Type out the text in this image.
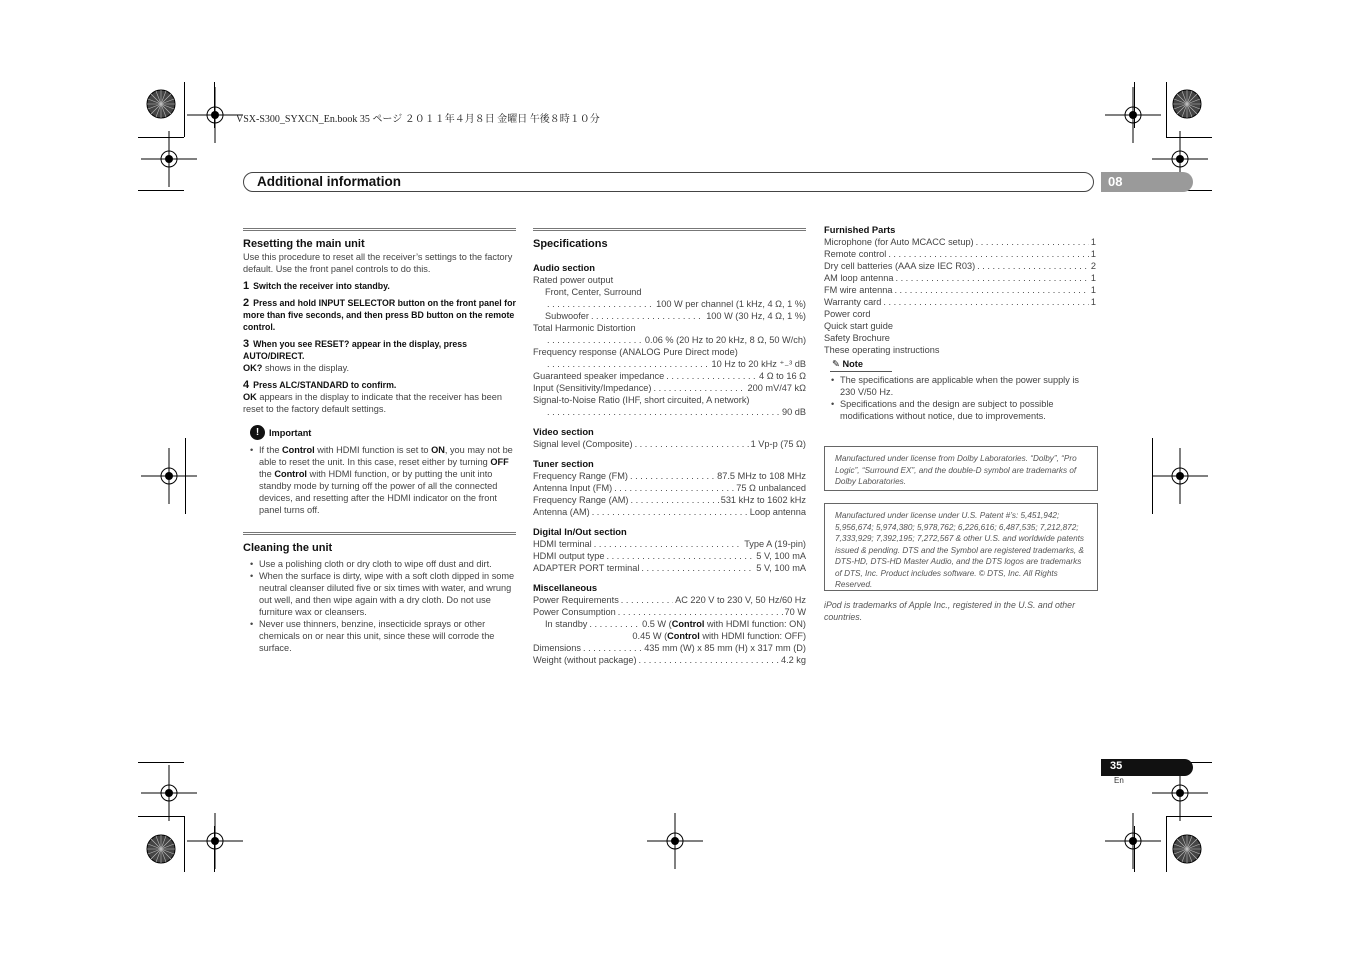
VSX-S300_SYXCN_En.book 35 ページ ２０１１年４月８日 金曜日 午後８時１０分
Additional information	08
Resetting the main unit

Use this procedure to reset all the receiver’s settings to the factory default. Use the front panel controls to do this.

1 Switch the receiver into standby.
2 Press and hold INPUT SELECTOR button on the front panel for more than five seconds, and then press BD button on the remote control.
3 When you see RESET? appear in the display, press AUTO/DIRECT.

OK? shows in the display.

4 Press ALC/STANDARD to confirm.

OK appears in the display to indicate that the receiver has been reset to the factory default settings.

!	Important
• If the Control with HDMI function is set to ON, you may not be able to reset the unit. In this case, reset either by turning OFF the Control with HDMI function, or by putting the unit into standby mode by turning off the power of all the connected devices, and resetting after the HDMI indicator on the front panel turns off.
Cleaning the unit
• Use a polishing cloth or dry cloth to wipe off dust and dirt.
• When the surface is dirty, wipe with a soft cloth dipped in some neutral cleanser diluted five or six times with water, and wrung out well, and then wipe again with a dry cloth. Do not use furniture wax or cleansers.
• Never use thinners, benzine, insecticide sprays or other chemicals on or near this unit, since these will corrode the surface.
Specifications
Audio section
Rated power output
Front, Center, Surround
. . .
100 W per channel (1 kHz, 4 Ω, 1 %)
Subwoofer . . .	100 W (30 Hz, 4 Ω, 1 %)
Total Harmonic Distortion
. . .
0.06 % (20 Hz to 20 kHz, 8 Ω, 50 W/ch)
Frequency response (ANALOG Pure Direct mode)
. . .
10 Hz to 20 kHz ⁺₋³ dB
Guaranteed speaker impedance . . .	4 Ω to 16 Ω
Input (Sensitivity/Impedance) . . .	200 mV/47 kΩ
Signal-to-Noise Ratio (IHF, short circuited, A network)
. . .
90 dB
Video section
Signal level (Composite) . . .	1 Vp-p (75 Ω)
Tuner section
Frequency Range (FM) . . .	87.5 MHz to 108 MHz
Antenna Input (FM) . . .	75 Ω unbalanced
Frequency Range (AM) . . .	531 kHz to 1602 kHz
Antenna (AM) . . .	Loop antenna
Digital In/Out section
HDMI terminal . . .	Type A (19-pin)
HDMI output type . . .	5 V, 100 mA
ADAPTER PORT terminal . . .	5 V, 100 mA
Miscellaneous
Power Requirements . . .	AC 220 V to 230 V, 50 Hz/60 Hz
Power Consumption . . .	70 W
In standby . . .	0.5 W (Control with HDMI function: ON)
0.45 W (Control with HDMI function: OFF)
Dimensions . . .	435 mm (W) x 85 mm (H) x 317 mm (D)
Weight (without package) . . .	4.2 kg
Furnished Parts
Microphone (for Auto MCACC setup) . . .	1
Remote control . . .	1
Dry cell batteries (AAA size IEC R03) . . .	2
AM loop antenna . . .	1
FM wire antenna . . .	1
Warranty card . . .	1
Power cord
Quick start guide
Safety Brochure
These operating instructions
✎ Note
• The specifications are applicable when the power supply is 230 V/50 Hz.
• Specifications and the design are subject to possible modifications without notice, due to improvements.
Manufactured under license from Dolby Laboratories. “Dolby”, “Pro Logic”, “Surround EX”, and the double-D symbol are trademarks of Dolby Laboratories.
Manufactured under license under U.S. Patent #’s: 5,451,942; 5,956,674; 5,974,380; 5,978,762; 6,226,616; 6,487,535; 7,212,872; 7,333,929; 7,392,195; 7,272,567 & other U.S. and worldwide patents issued & pending. DTS and the Symbol are registered trademarks, & DTS-HD, DTS-HD Master Audio, and the DTS logos are trademarks of DTS, Inc. Product includes software. © DTS, Inc. All Rights Reserved.
iPod is trademarks of Apple Inc., registered in the U.S. and other countries.
35
En
